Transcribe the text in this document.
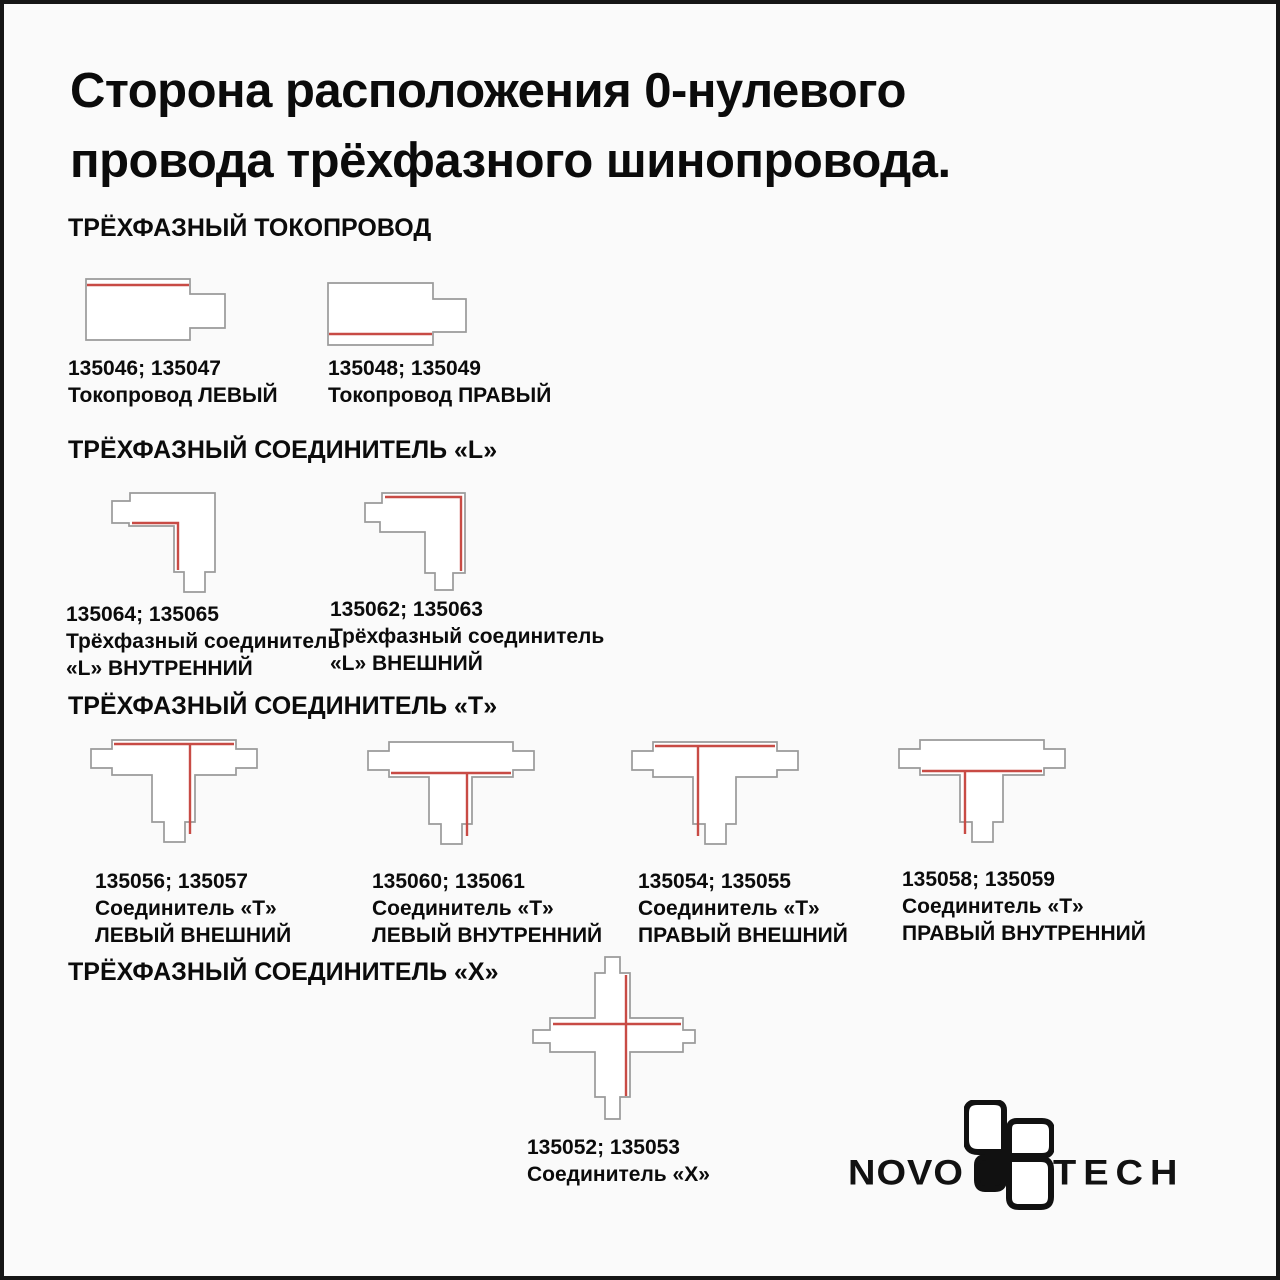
Сторона расположения 0-нулевого
провода трёхфазного шинопровода.
ТРЁХФАЗНЫЙ ТОКОПРОВОД
135046; 135047
Токопровод ЛЕВЫЙ
135048; 135049
Токопровод ПРАВЫЙ
ТРЁХФАЗНЫЙ СОЕДИНИТЕЛЬ «L»
135064; 135065
Трёхфазный соединитель
«L» ВНУТРЕННИЙ
135062; 135063
Трёхфазный соединитель
«L» ВНЕШНИЙ
ТРЁХФАЗНЫЙ СОЕДИНИТЕЛЬ «Т»
135056; 135057
Соединитель «Т»
ЛЕВЫЙ ВНЕШНИЙ
135060; 135061
Соединитель «Т»
ЛЕВЫЙ ВНУТРЕННИЙ
135054; 135055
Соединитель «Т»
ПРАВЫЙ ВНЕШНИЙ
135058; 135059
Соединитель «Т»
ПРАВЫЙ ВНУТРЕННИЙ
ТРЁХФАЗНЫЙ СОЕДИНИТЕЛЬ «Х»
135052; 135053
Соединитель «Х»	NOVO TECH
